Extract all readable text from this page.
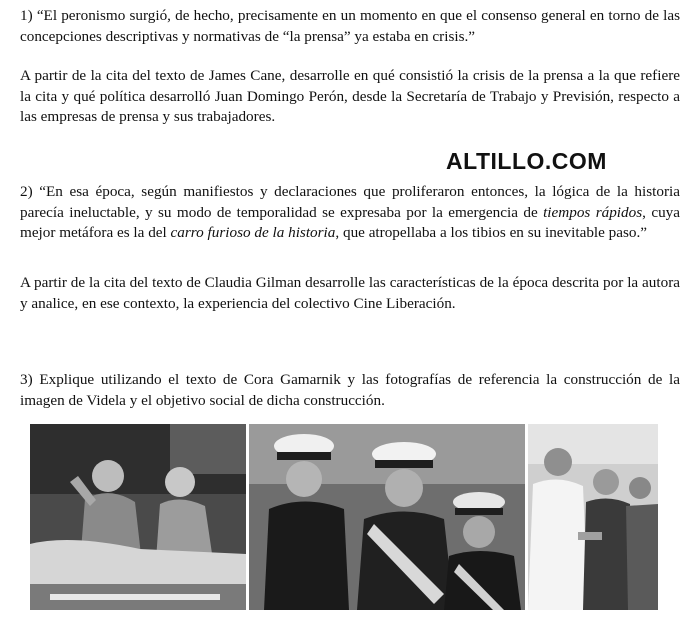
1) “El peronismo surgió, de hecho, precisamente en un momento en que el consenso general en torno de las concepciones descriptivas y normativas de “la prensa” ya estaba en crisis.”

A partir de la cita del texto de James Cane, desarrolle en qué consistió la crisis de la prensa a la que refiere la cita y qué política desarrolló Juan Domingo Perón, desde la Secretaría de Trabajo y Previsión, respecto a las empresas de prensa y sus trabajadores.

ALTILLO.COM

2) “En esa época, según manifiestos y declaraciones que proliferaron entonces, la lógica de la historia parecía ineluctable, y su modo de temporalidad se expresaba por la emergencia de tiempos rápidos, cuya mejor metáfora es la del carro furioso de la historia, que atropellaba a los tibios en su inevitable paso.”

A partir de la cita del texto de Claudia Gilman desarrolle las características de la época descrita por la autora y analice, en ese contexto, la experiencia del colectivo Cine Liberación.

3) Explique utilizando el texto de Cora Gamarnik y las fotografías de referencia la construcción de la imagen de Videla y el objetivo social de dicha construcción.
